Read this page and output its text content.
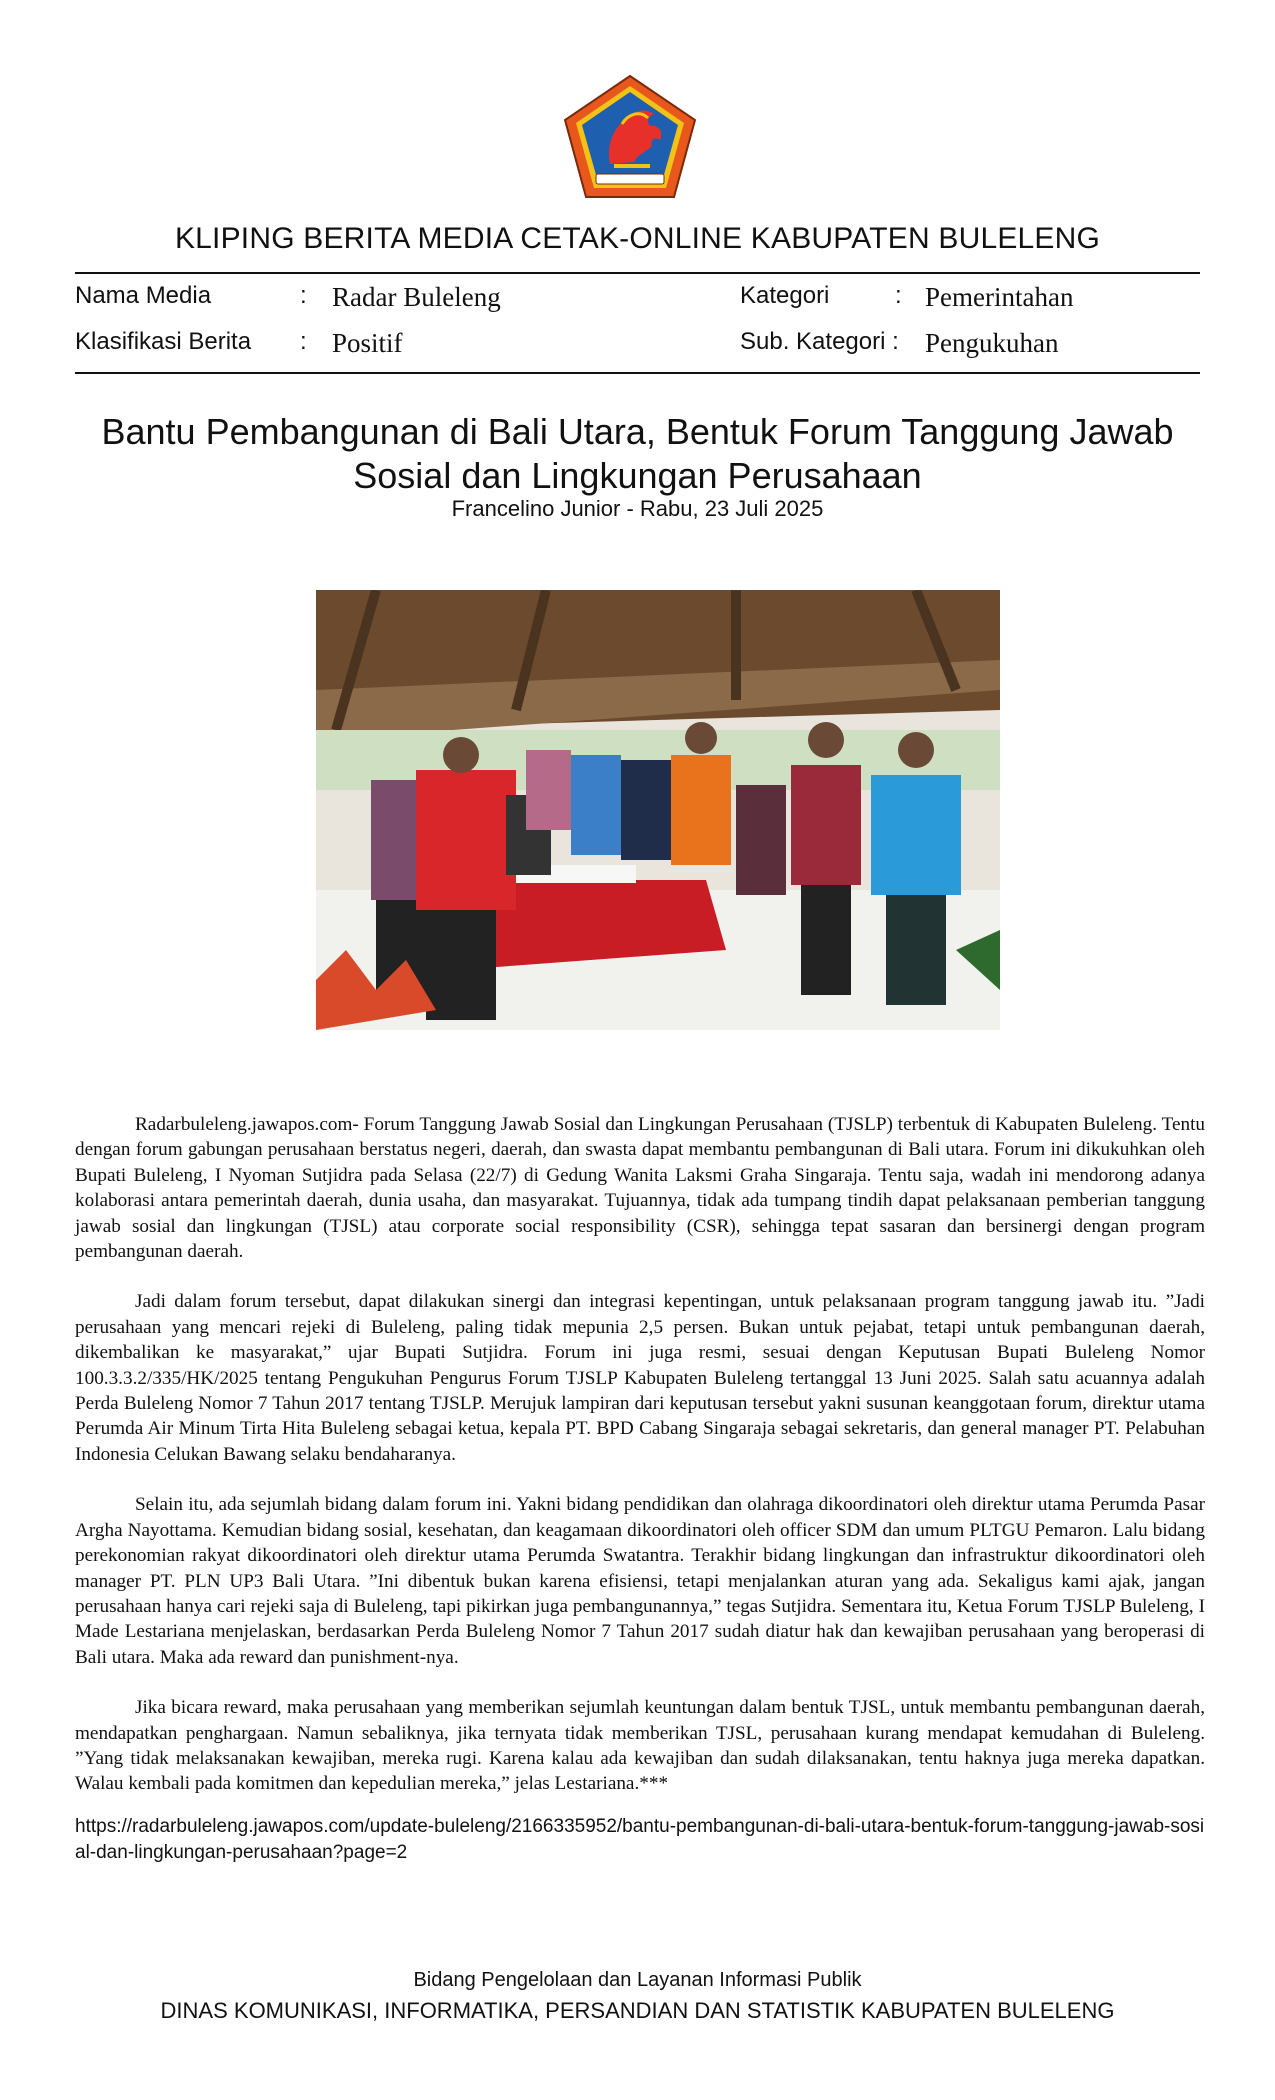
KLIPING BERITA MEDIA CETAK-ONLINE KABUPATEN BULELENG
Nama Media	: Radar Buleleng	Kategori	: Pemerintahan
Klasifikasi Berita : Positif	Sub. Kategori : Pengukuhan
Bantu Pembangunan di Bali Utara, Bentuk Forum Tanggung Jawab
Sosial dan Lingkungan Perusahaan
Francelino Junior - Rabu, 23 Juli 2025

Radarbuleleng.jawapos.com- Forum Tanggung Jawab Sosial dan Lingkungan Perusahaan (TJSLP) terbentuk di Kabupaten Buleleng. Tentu dengan forum gabungan perusahaan berstatus negeri, daerah, dan swasta dapat membantu pembangunan di Bali utara. Forum ini dikukuhkan oleh Bupati Buleleng, I Nyoman Sutjidra pada Selasa (22/7) di Gedung Wanita Laksmi Graha Singaraja. Tentu saja, wadah ini mendorong adanya kolaborasi antara pemerintah daerah, dunia usaha, dan masyarakat. Tujuannya, tidak ada tumpang tindih dapat pelaksanaan pemberian tanggung jawab sosial dan lingkungan (TJSL) atau corporate social responsibility (CSR), sehingga tepat sasaran dan bersinergi dengan program pembangunan daerah.

Jadi dalam forum tersebut, dapat dilakukan sinergi dan integrasi kepentingan, untuk pelaksanaan program tanggung jawab itu. ”Jadi perusahaan yang mencari rejeki di Buleleng, paling tidak mepunia 2,5 persen. Bukan untuk pejabat, tetapi untuk pembangunan daerah, dikembalikan ke masyarakat,” ujar Bupati Sutjidra. Forum ini juga resmi, sesuai dengan Keputusan Bupati Buleleng Nomor 100.3.3.2/335/HK/2025 tentang Pengukuhan Pengurus Forum TJSLP Kabupaten Buleleng tertanggal 13 Juni 2025. Salah satu acuannya adalah Perda Buleleng Nomor 7 Tahun 2017 tentang TJSLP. Merujuk lampiran dari keputusan tersebut yakni susunan keanggotaan forum, direktur utama Perumda Air Minum Tirta Hita Buleleng sebagai ketua, kepala PT. BPD Cabang Singaraja sebagai sekretaris, dan general manager PT. Pelabuhan Indonesia Celukan Bawang selaku bendaharanya.

Selain itu, ada sejumlah bidang dalam forum ini. Yakni bidang pendidikan dan olahraga dikoordinatori oleh direktur utama Perumda Pasar Argha Nayottama. Kemudian bidang sosial, kesehatan, dan keagamaan dikoordinatori oleh officer SDM dan umum PLTGU Pemaron. Lalu bidang perekonomian rakyat dikoordinatori oleh direktur utama Perumda Swatantra. Terakhir bidang lingkungan dan infrastruktur dikoordinatori oleh manager PT. PLN UP3 Bali Utara. ”Ini dibentuk bukan karena efisiensi, tetapi menjalankan aturan yang ada. Sekaligus kami ajak, jangan perusahaan hanya cari rejeki saja di Buleleng, tapi pikirkan juga pembangunannya,” tegas Sutjidra. Sementara itu, Ketua Forum TJSLP Buleleng, I Made Lestariana menjelaskan, berdasarkan Perda Buleleng Nomor 7 Tahun 2017 sudah diatur hak dan kewajiban perusahaan yang beroperasi di Bali utara. Maka ada reward dan punishment-nya.

Jika bicara reward, maka perusahaan yang memberikan sejumlah keuntungan dalam bentuk TJSL, untuk membantu pembangunan daerah, mendapatkan penghargaan. Namun sebaliknya, jika ternyata tidak memberikan TJSL, perusahaan kurang mendapat kemudahan di Buleleng. ”Yang tidak melaksanakan kewajiban, mereka rugi. Karena kalau ada kewajiban dan sudah dilaksanakan, tentu haknya juga mereka dapatkan. Walau kembali pada komitmen dan kepedulian mereka,” jelas Lestariana.***

https://radarbuleleng.jawapos.com/update-buleleng/2166335952/bantu-pembangunan-di-bali-utara-bentuk-forum-tanggung-jawab-sosial-dan-lingkungan-perusahaan?page=2
Bidang Pengelolaan dan Layanan Informasi Publik
DINAS KOMUNIKASI, INFORMATIKA, PERSANDIAN DAN STATISTIK KABUPATEN BULELENG
